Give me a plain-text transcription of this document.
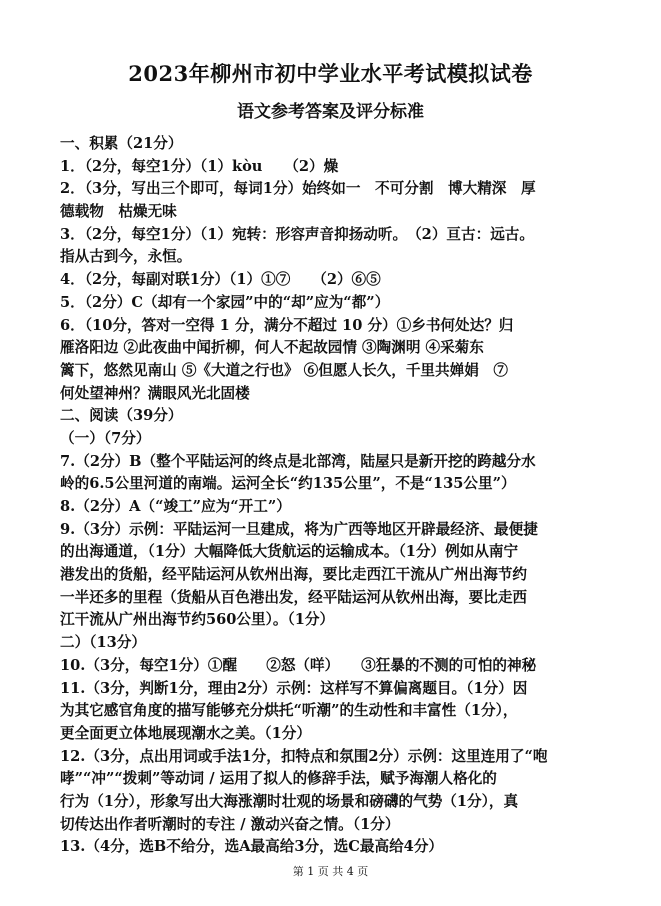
2023年柳州市初中学业水平考试模拟试卷
语文参考答案及评分标准
一、积累（21分）
1．（2分，每空1分）（1）kòu　　（2）燥
2．（3分，写出三个即可，每词1分）始终如一　不可分割　博大精深　厚
德载物　枯燥无味
3．（2分，每空1分）（1）宛转：形容声音抑扬动听。　（2）亘古：远古。
指从古到今，永恒。
4．（2分，每副对联1分）（1）①⑦　　（2）⑥⑤
5．（2分）C（却有一个家园”中的“却”应为“都”）
6．（10分，答对一空得 1 分，满分不超过 10 分）①乡书何处达？归
雁洛阳边 ②此夜曲中闻折柳，何人不起故园情 ③陶渊明 ④采菊东
篱下，悠然见南山 ⑤《大道之行也》 ⑥但愿人长久，千里共婵娟　⑦
何处望神州？满眼风光北固楼
二、阅读（39分）
（一）（7分）
7.（2分）B（整个平陆运河的终点是北部湾，陆屋只是新开挖的跨越分水
岭的6.5公里河道的南端。运河全长“约135公里”，不是“135公里”）
8.（2分）A（“竣工”应为“开工”）
9.（3分）示例：平陆运河一旦建成，将为广西等地区开辟最经济、最便捷
的出海通道，（1分）大幅降低大货航运的运输成本。（1分）例如从南宁
港发出的货船，经平陆运河从钦州出海，要比走西江干流从广州出海节约
一半还多的里程（货船从百色港出发，经平陆运河从钦州出海，要比走西
江干流从广州出海节约560公里）。（1分）
二）（13分）
10.（3分，每空1分）①醒　　②怒（咩）　　③狂暴的不测的可怕的神秘
11.（3分，判断1分，理由2分）示例：这样写不算偏离题目。（1分）因
为其它感官角度的描写能够充分烘托“听潮”的生动性和丰富性（1分），
更全面更立体地展现潮水之美。（1分）
12.（3分，点出用词或手法1分，扣特点和氛围2分）示例：这里连用了“咆
哮”“冲”“拨刺”等动词 / 运用了拟人的修辞手法，赋予海潮人格化的
行为（1分），形象写出大海涨潮时壮观的场景和磅礴的气势（1分），真
切传达出作者听潮时的专注 / 激动兴奋之情。（1分）
13.（4分，选B不给分，选A最高给3分，选C最高给4分）
第 1 页 共 4 页
